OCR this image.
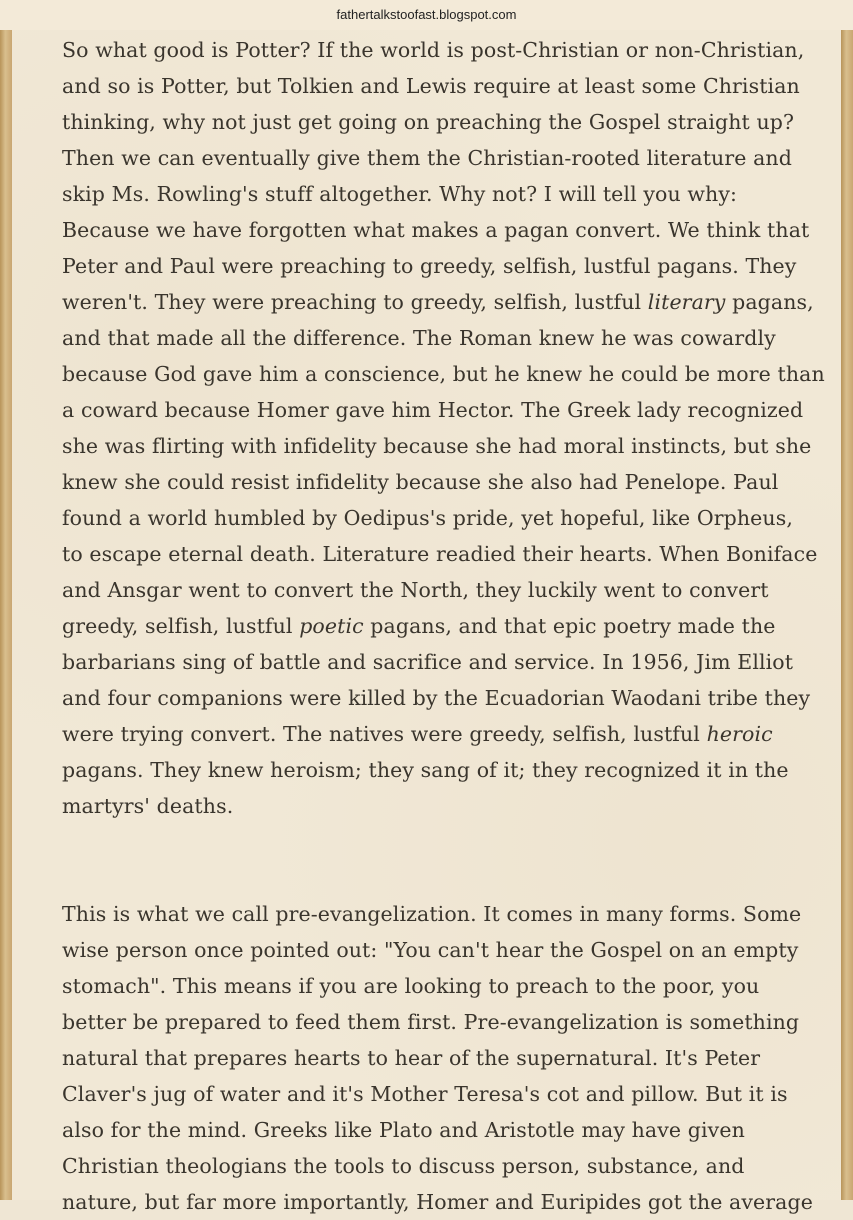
fathertalkstoofast.blogspot.com
So what good is Potter? If the world is post-Christian or non-Christian,
and so is Potter, but Tolkien and Lewis require at least some Christian
thinking, why not just get going on preaching the Gospel straight up?
Then we can eventually give them the Christian-rooted literature and
skip Ms. Rowling's stuff altogether. Why not? I will tell you why:
Because we have forgotten what makes a pagan convert. We think that
Peter and Paul were preaching to greedy, selfish, lustful pagans. They
weren't. They were preaching to greedy, selfish, lustful literary pagans,
and that made all the difference. The Roman knew he was cowardly
because God gave him a conscience, but he knew he could be more than
a coward because Homer gave him Hector. The Greek lady recognized
she was flirting with infidelity because she had moral instincts, but she
knew she could resist infidelity because she also had Penelope. Paul
found a world humbled by Oedipus's pride, yet hopeful, like Orpheus,
to escape eternal death. Literature readied their hearts. When Boniface
and Ansgar went to convert the North, they luckily went to convert
greedy, selfish, lustful poetic pagans, and that epic poetry made the
barbarians sing of battle and sacrifice and service. In 1956, Jim Elliot
and four companions were killed by the Ecuadorian Waodani tribe they
were trying convert. The natives were greedy, selfish, lustful heroic
pagans. They knew heroism; they sang of it; they recognized it in the
martyrs' deaths.
This is what we call pre-evangelization. It comes in many forms. Some
wise person once pointed out: "You can't hear the Gospel on an empty
stomach". This means if you are looking to preach to the poor, you
better be prepared to feed them first. Pre-evangelization is something
natural that prepares hearts to hear of the supernatural. It's Peter
Claver's jug of water and it's Mother Teresa's cot and pillow. But it is
also for the mind. Greeks like Plato and Aristotle may have given
Christian theologians the tools to discuss person, substance, and
nature, but far more importantly, Homer and Euripides got the average
